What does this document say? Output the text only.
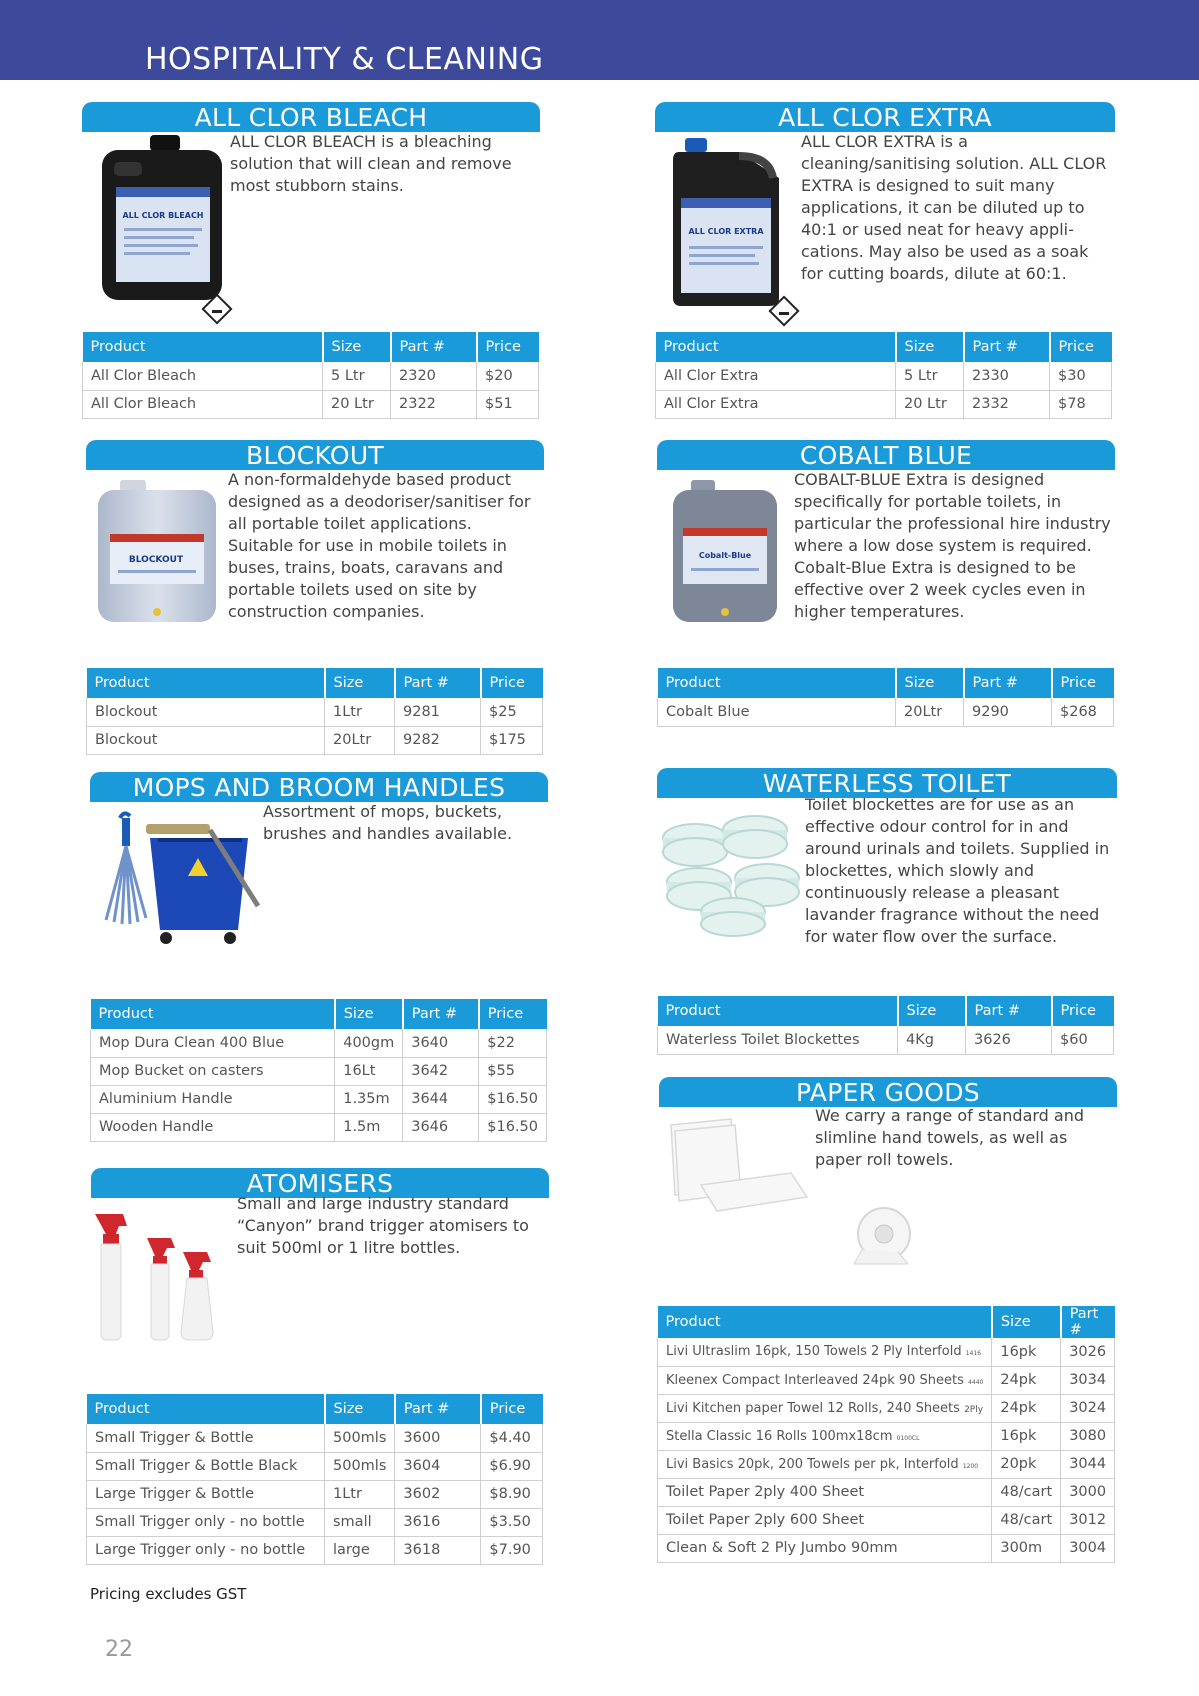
HOSPITALITY & CLEANING
ALL CLOR BLEACH
ALL CLOR BLEACH
ALL CLOR BLEACH is a bleaching solution that will clean and remove most stubborn stains.
Product	Size	Part #	Price
All Clor Bleach	5 Ltr	2320	$20
All Clor Bleach	20 Ltr	2322	$51
ALL CLOR EXTRA
ALL CLOR EXTRA
ALL CLOR EXTRA is a cleaning/sanitising solution. ALL CLOR EXTRA is designed to suit many applications, it can be diluted up to 40:1 or used neat for heavy appli-cations. May also be used as a soak for cutting boards, dilute at 60:1.
Product	Size	Part #	Price
All Clor Extra	5 Ltr	2330	$30
All Clor Extra	20 Ltr	2332	$78
BLOCKOUT
BLOCKOUT
A non-formaldehyde based product designed as a deodoriser/sanitiser for all portable toilet applications. Suitable for use in mobile toilets in buses, trains, boats, caravans and portable toilets used on site by construction companies.
Product	Size	Part #	Price
Blockout	1Ltr	9281	$25
Blockout	20Ltr	9282	$175
COBALT BLUE
Cobalt-Blue
COBALT-BLUE Extra is designed specifically for portable toilets, in particular the professional hire industry where a low dose system is required. Cobalt-Blue Extra is designed to be effective over 2 week cycles even in higher temperatures.
Product	Size	Part #	Price
Cobalt Blue	20Ltr	9290	$268
MOPS AND BROOM HANDLES
Assortment of mops, buckets, brushes and handles available.
Product	Size	Part #	Price
Mop Dura Clean 400 Blue	400gm	3640	$22
Mop Bucket on casters	16Lt	3642	$55
Aluminium Handle	1.35m	3644	$16.50
Wooden Handle	1.5m	3646	$16.50
WATERLESS TOILET
Toilet blockettes are for use as an effective odour control for in and around urinals and toilets. Supplied in blockettes, which slowly and continuously release a pleasant lavander fragrance without the need for water flow over the surface.
Product	Size	Part #	Price
Waterless Toilet Blockettes	4Kg	3626	$60
ATOMISERS
Small and large industry standard “Canyon” brand trigger atomisers to suit 500ml or 1 litre bottles.
Product	Size	Part #	Price
Small Trigger & Bottle	500mls	3600	$4.40
Small Trigger & Bottle Black	500mls	3604	$6.90
Large Trigger & Bottle	1Ltr	3602	$8.90
Small Trigger only - no bottle	small	3616	$3.50
Large Trigger only - no bottle	large	3618	$7.90
PAPER GOODS
We carry a range of standard and slimline hand towels, as well as paper roll towels.
Product	Size	Part #
Livi Ultraslim 16pk, 150 Towels 2 Ply Interfold 1416	16pk	3026
Kleenex Compact Interleaved 24pk 90 Sheets 4440	24pk	3034
Livi Kitchen paper Towel 12 Rolls, 240 Sheets 2Ply	24pk	3024
Stella Classic 16 Rolls 100mx18cm 0100CL	16pk	3080
Livi Basics 20pk, 200 Towels per pk, Interfold 1200	20pk	3044
Toilet Paper 2ply 400 Sheet	48/cart	3000
Toilet Paper 2ply 600 Sheet	48/cart	3012
Clean & Soft 2 Ply Jumbo 90mm	300m	3004
Pricing excludes GST
22
